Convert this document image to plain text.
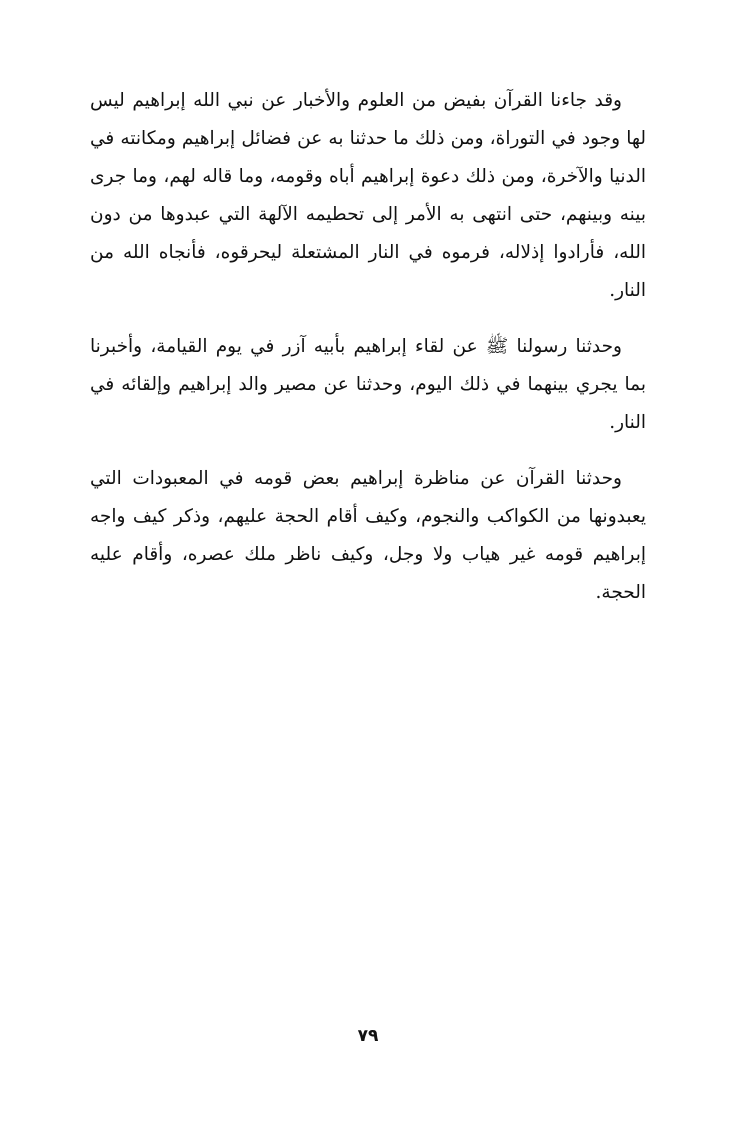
وقد جاءنا القرآن بفيض من العلوم والأخبار عن نبي الله إبراهيم ليس لها وجود في التوراة، ومن ذلك ما حدثنا به عن فضائل إبراهيم ومكانته في الدنيا والآخرة، ومن ذلك دعوة إبراهيم أباه وقومه، وما قاله لهم، وما جرى بينه وبينهم، حتى انتهى به الأمر إلى تحطيمه الآلهة التي عبدوها من دون الله، فأرادوا إذلاله، فرموه في النار المشتعلة ليحرقوه، فأنجاه الله من النار.

وحدثنا رسولنا ﷺ عن لقاء إبراهيم بأبيه آزر في يوم القيامة، وأخبرنا بما يجري بينهما في ذلك اليوم، وحدثنا عن مصير والد إبراهيم وإلقائه في النار.

وحدثنا القرآن عن مناظرة إبراهيم بعض قومه في المعبودات التي يعبدونها من الكواكب والنجوم، وكيف أقام الحجة عليهم، وذكر كيف واجه إبراهيم قومه غير هياب ولا وجل، وكيف ناظر ملك عصره، وأقام عليه الحجة.

٧٩
